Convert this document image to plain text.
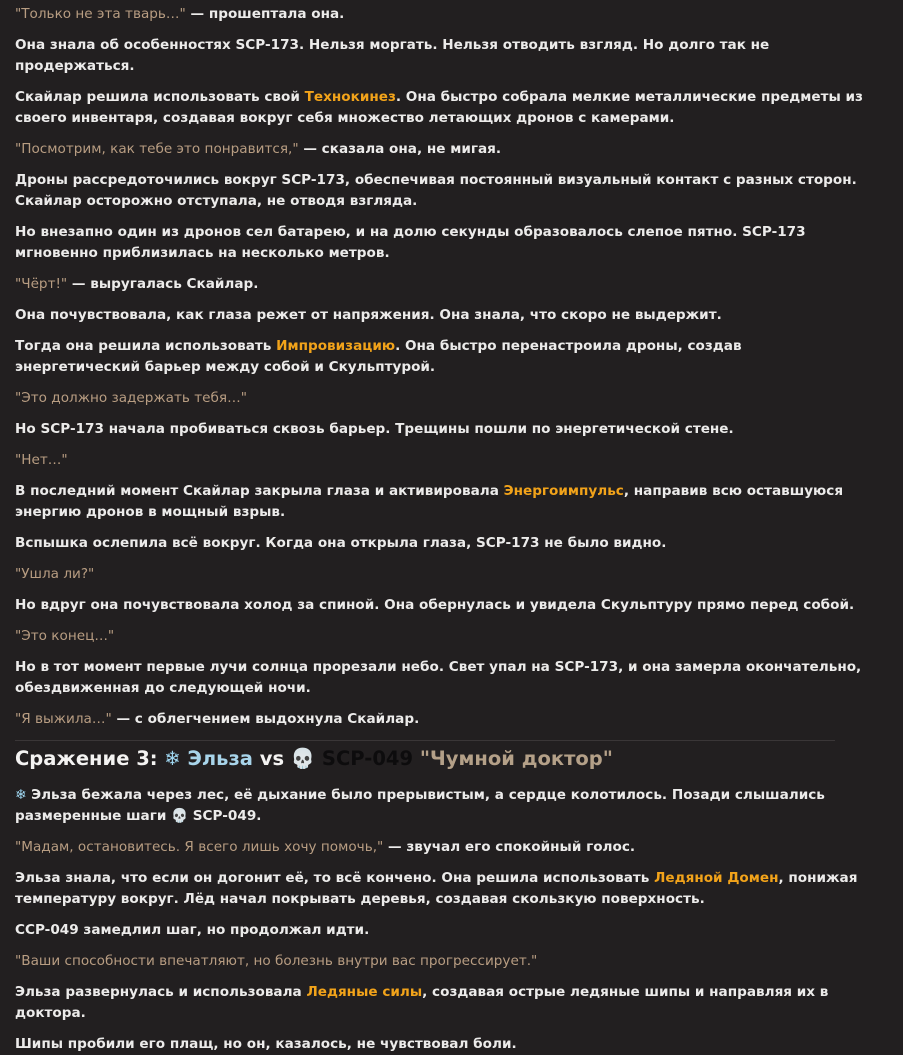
"Только не эта тварь…" — прошептала она.

Она знала об особенностях SCP-173. Нельзя моргать. Нельзя отводить взгляд. Но долго так не продержаться.

Скайлар решила использовать свой Технокинез. Она быстро собрала мелкие металлические предметы из своего инвентаря, создавая вокруг себя множество летающих дронов с камерами.

"Посмотрим, как тебе это понравится," — сказала она, не мигая.

Дроны рассредоточились вокруг SCP-173, обеспечивая постоянный визуальный контакт с разных сторон. Скайлар осторожно отступала, не отводя взгляда.

Но внезапно один из дронов сел батарею, и на долю секунды образовалось слепое пятно. SCP-173 мгновенно приблизилась на несколько метров.

"Чёрт!" — выругалась Скайлар.

Она почувствовала, как глаза режет от напряжения. Она знала, что скоро не выдержит.

Тогда она решила использовать Импровизацию. Она быстро перенастроила дроны, создав энергетический барьер между собой и Скульптурой.

"Это должно задержать тебя…"

Но SCP-173 начала пробиваться сквозь барьер. Трещины пошли по энергетической стене.

"Нет…"

В последний момент Скайлар закрыла глаза и активировала Энергоимпульс, направив всю оставшуюся энергию дронов в мощный взрыв.

Вспышка ослепила всё вокруг. Когда она открыла глаза, SCP-173 не было видно.

"Ушла ли?"

Но вдруг она почувствовала холод за спиной. Она обернулась и увидела Скульптуру прямо перед собой.

"Это конец…"

Но в тот момент первые лучи солнца прорезали небо. Свет упал на SCP-173, и она замерла окончательно, обездвиженная до следующей ночи.

"Я выжила…" — с облегчением выдохнула Скайлар.

Сражение 3: ❄ Эльза vs 💀 SCP-049 "Чумной доктор"

❄ Эльза бежала через лес, её дыхание было прерывистым, а сердце колотилось. Позади слышались размеренные шаги 💀 SCP-049.

"Мадам, остановитесь. Я всего лишь хочу помочь," — звучал его спокойный голос.

Эльза знала, что если он догонит её, то всё кончено. Она решила использовать Ледяной Домен, понижая температуру вокруг. Лёд начал покрывать деревья, создавая скользкую поверхность.

CCP-049 замедлил шаг, но продолжал идти.

"Ваши способности впечатляют, но болезнь внутри вас прогрессирует."

Эльза развернулась и использовала Ледяные силы, создавая острые ледяные шипы и направляя их в доктора.

Шипы пробили его плащ, но он, казалось, не чувствовал боли.
